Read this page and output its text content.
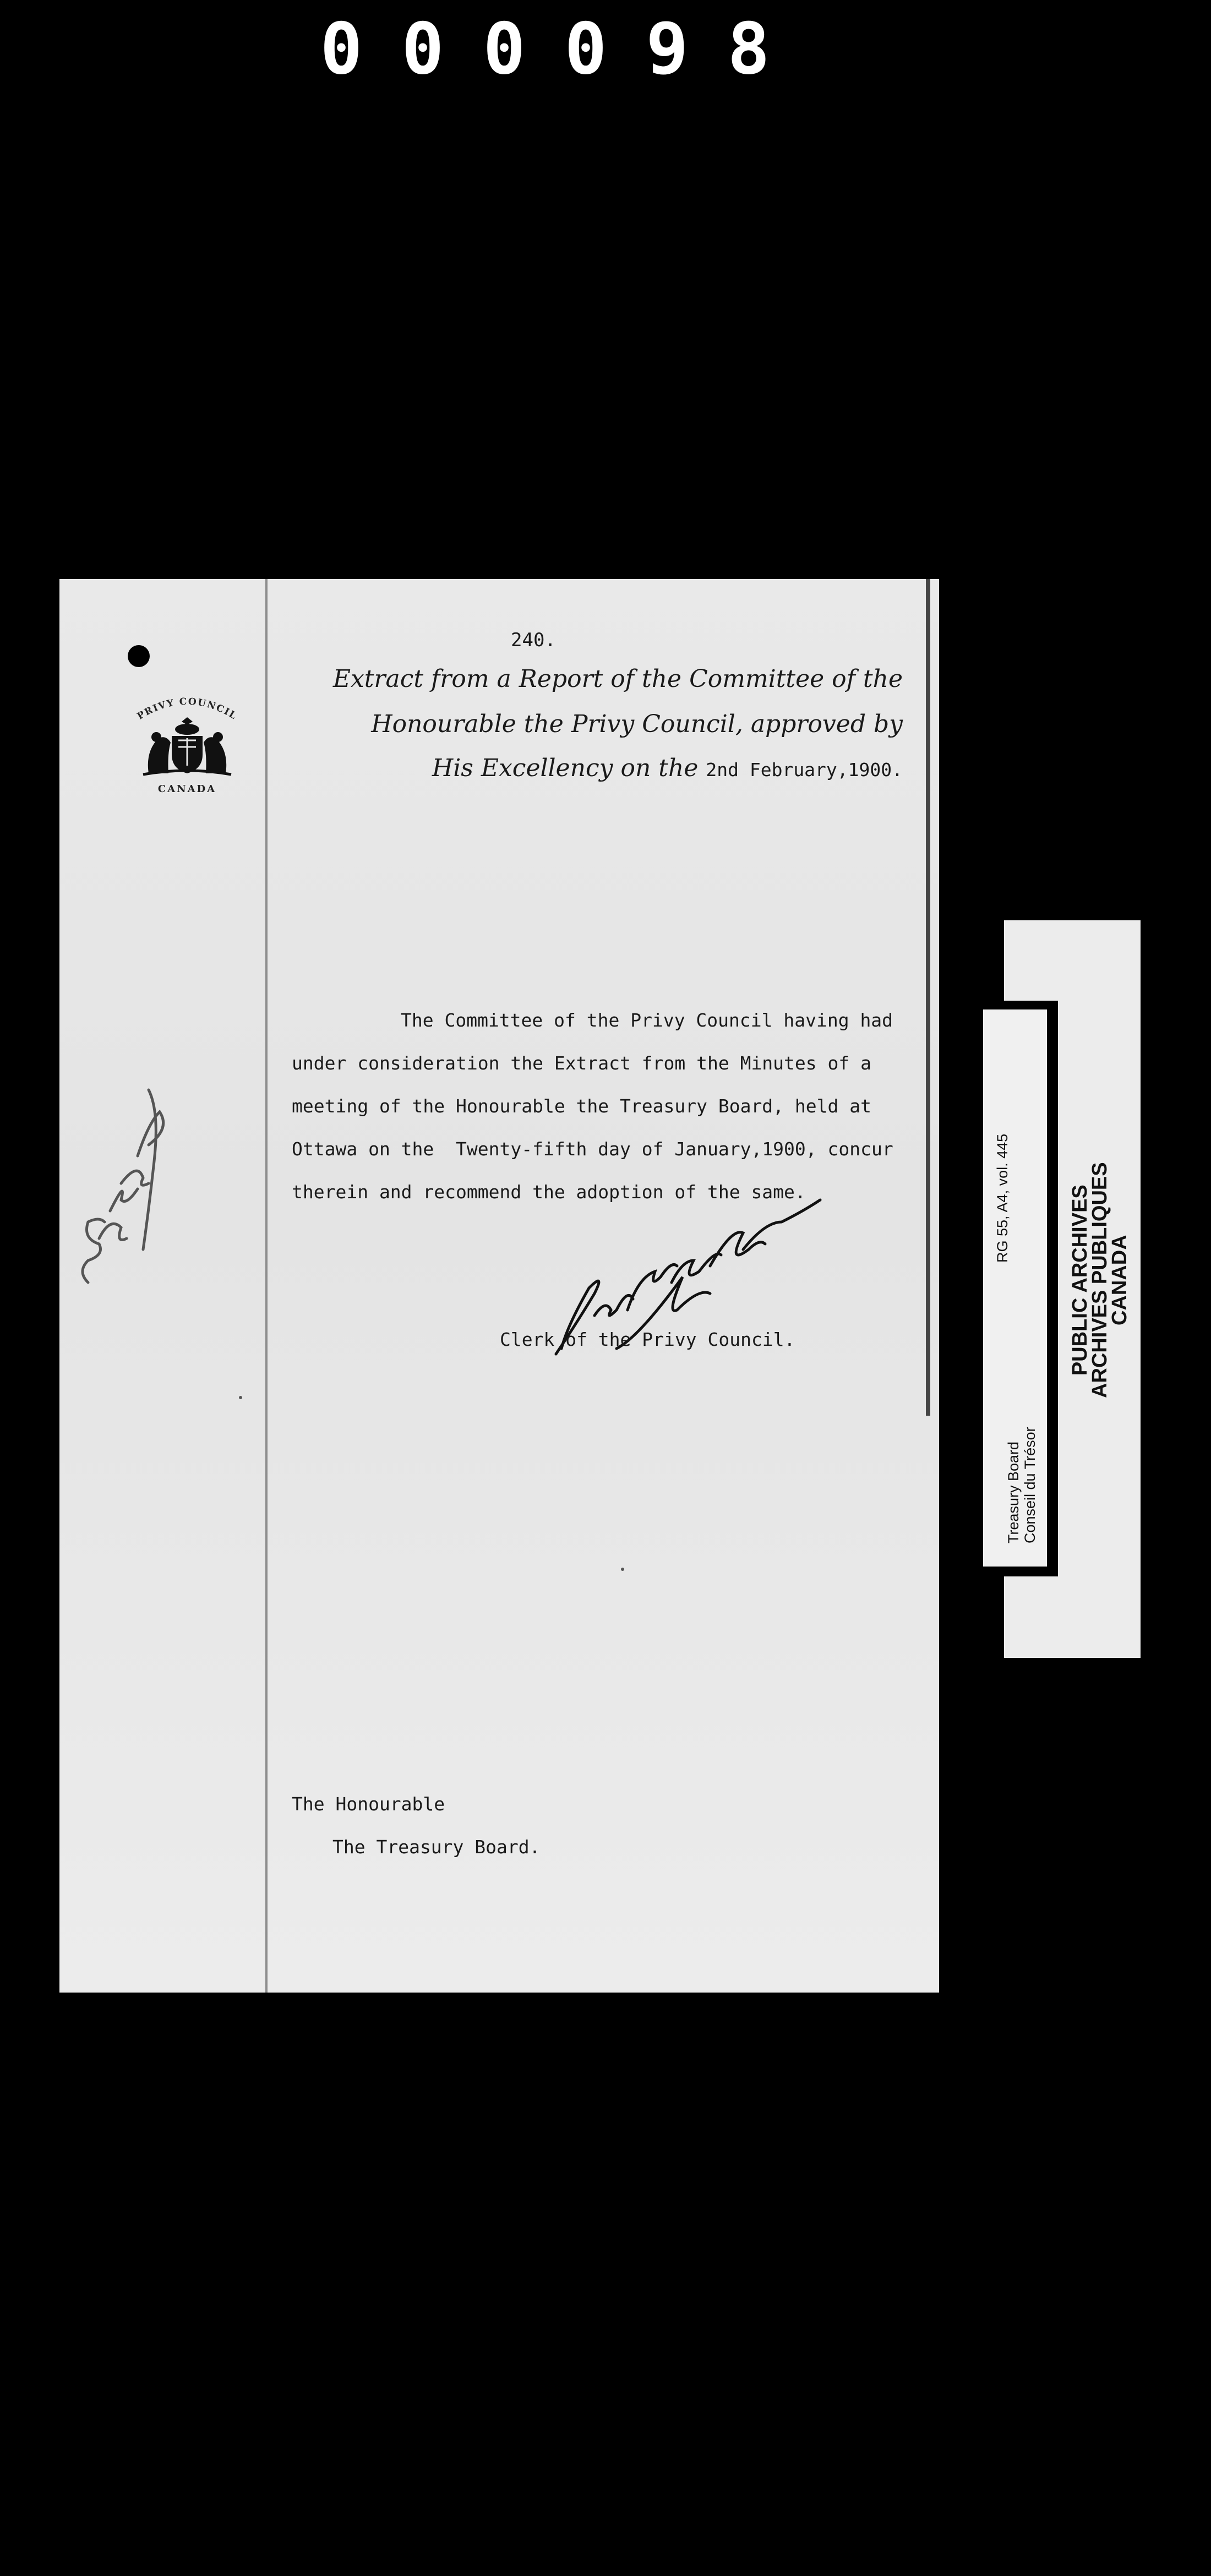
0 0 0 0 9 8
PRIVY COUNCIL
CANADA
240.
Extract from a Report of the Committee of the
Honourable the Privy Council, approved by
His Excellency on the 2nd February,1900.
The Committee of the Privy Council having had
under consideration the Extract from the Minutes of a
meeting of the Honourable the Treasury Board, held at
Ottawa on the  Twenty-fifth day of January,1900, concur
therein and recommend the adoption of the same.
Clerk of the Privy Council.
The Honourable
The Treasury Board.
PUBLIC ARCHIVES
ARCHIVES PUBLIQUES
CANADA
RG 55, A4, vol. 445
Treasury Board Conseil du Trésor
